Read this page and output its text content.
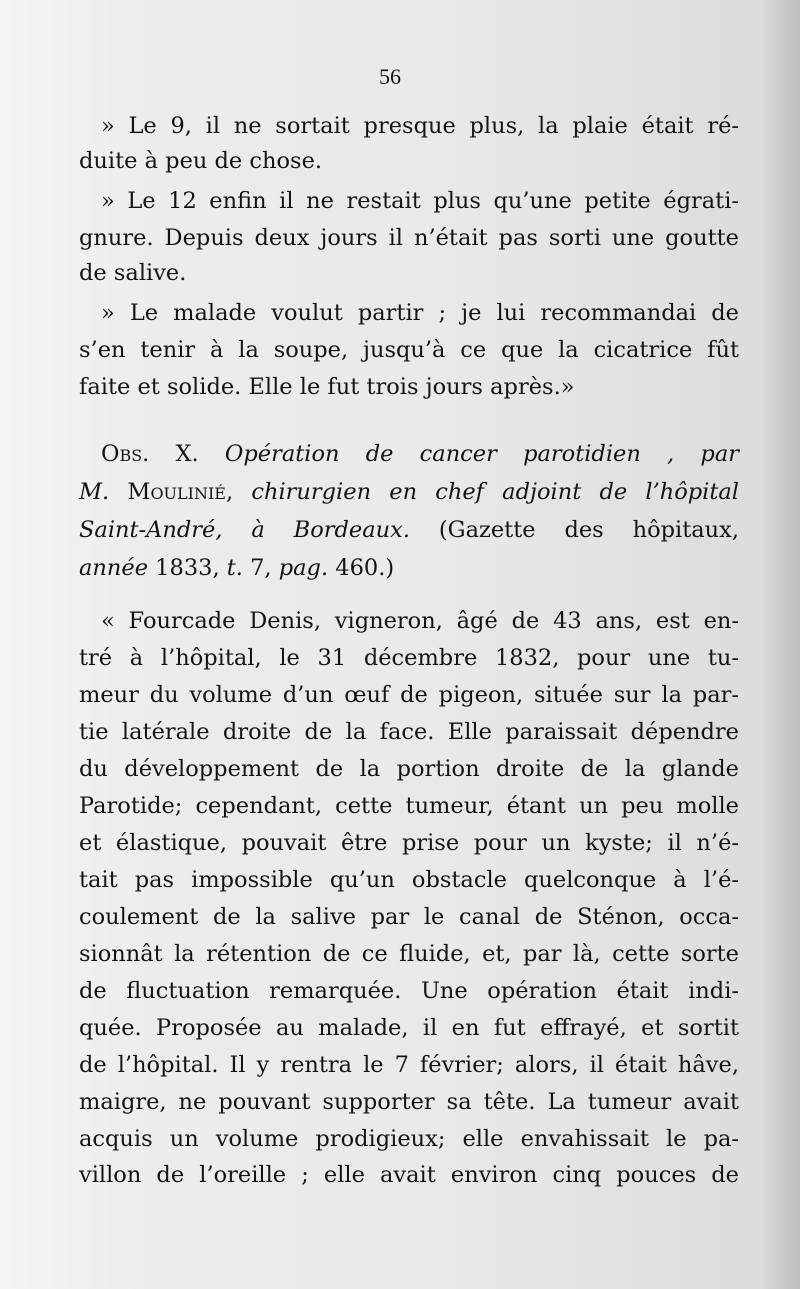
56
» Le 9, il ne sortait presque plus, la plaie était ré-
duite à peu de chose.
» Le 12 enfin il ne restait plus qu’une petite égrati-
gnure. Depuis deux jours il n’était pas sorti une goutte
de salive.
» Le malade voulut partir ; je lui recommandai de
s’en tenir à la soupe, jusqu’à ce que la cicatrice fût
faite et solide. Elle le fut trois jours après.»
Obs. X. Opération de cancer parotidien , par
M. Moulinié, chirurgien en chef adjoint de l’hôpital
Saint-André, à Bordeaux. (Gazette des hôpitaux,
année 1833, t. 7, pag. 460.)
« Fourcade Denis, vigneron, âgé de 43 ans, est en-
tré à l’hôpital, le 31 décembre 1832, pour une tu-
meur du volume d’un œuf de pigeon, située sur la par-
tie latérale droite de la face. Elle paraissait dépendre
du développement de la portion droite de la glande
Parotide; cependant, cette tumeur, étant un peu molle
et élastique, pouvait être prise pour un kyste; il n’é-
tait pas impossible qu’un obstacle quelconque à l’é-
coulement de la salive par le canal de Sténon, occa-
sionnât la rétention de ce fluide, et, par là, cette sorte
de fluctuation remarquée. Une opération était indi-
quée. Proposée au malade, il en fut effrayé, et sortit
de l’hôpital. Il y rentra le 7 février; alors, il était hâve,
maigre, ne pouvant supporter sa tête. La tumeur avait
acquis un volume prodigieux; elle envahissait le pa-
villon de l’oreille ; elle avait environ cinq pouces de
